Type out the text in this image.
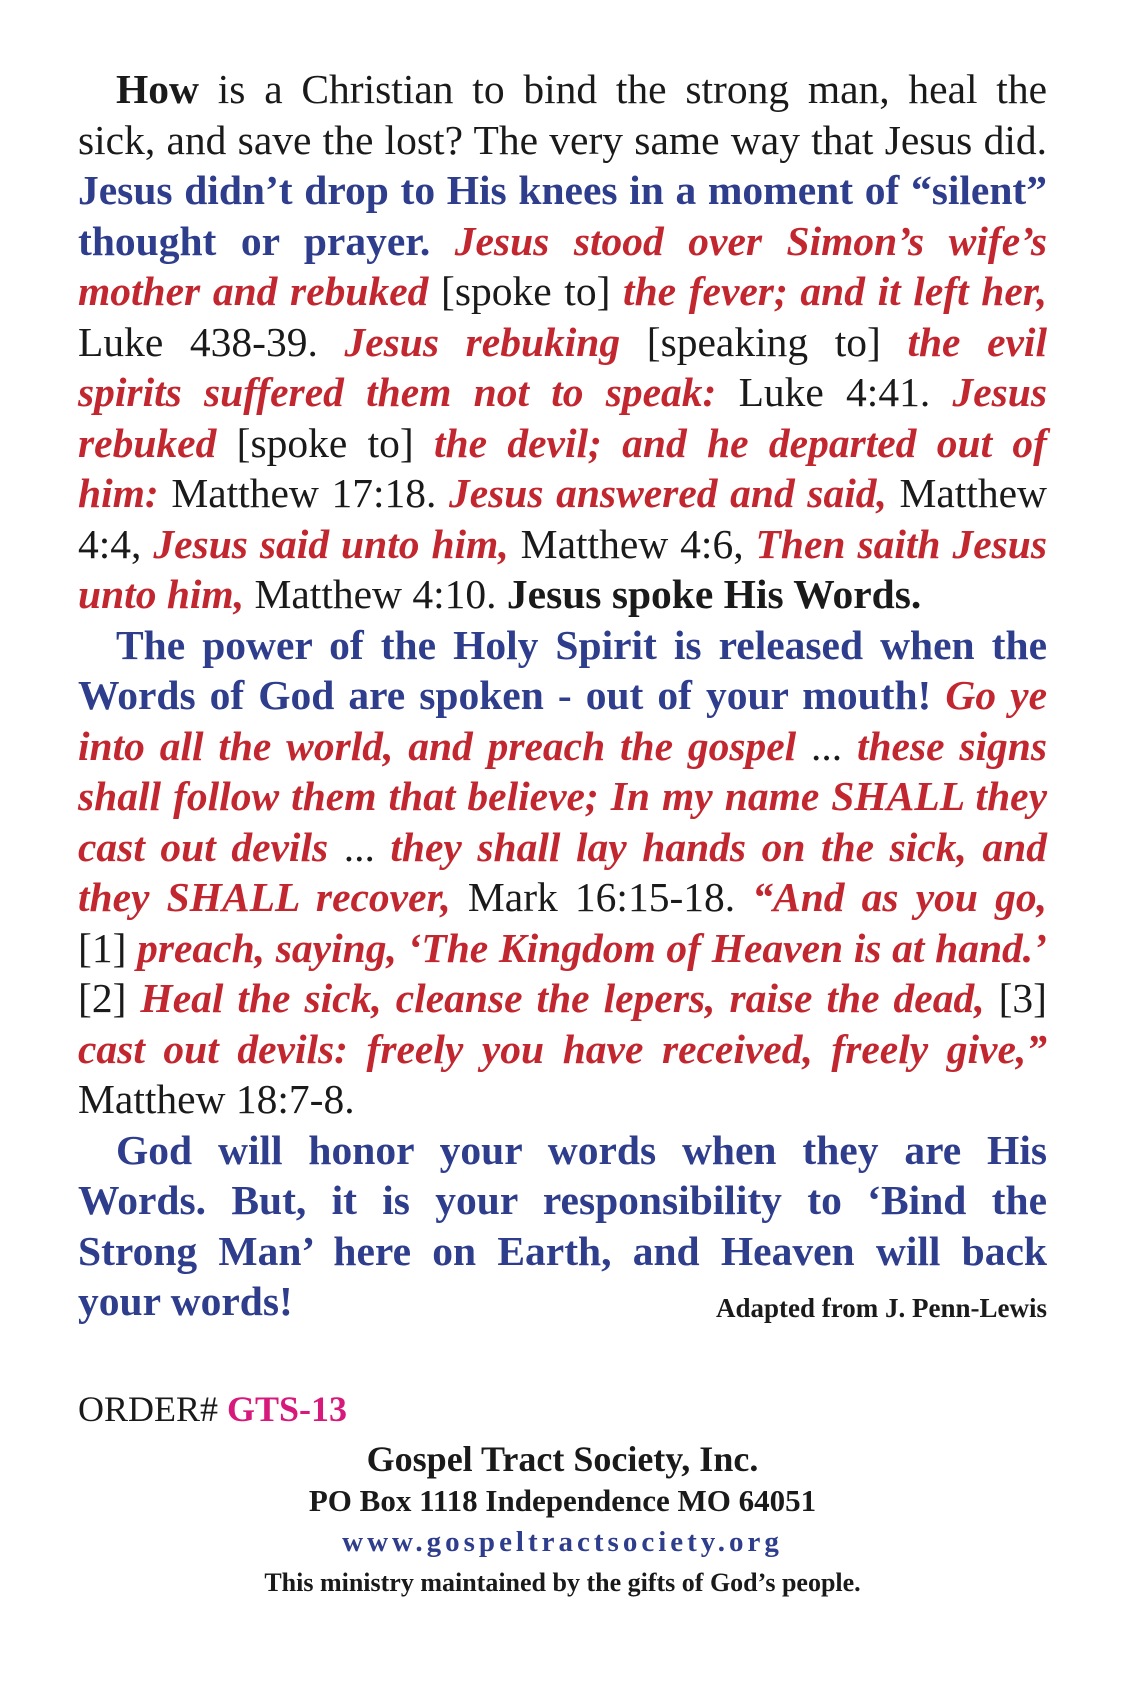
How is a Christian to bind the strong man, heal the sick, and save the lost? The very same way that Jesus did. Jesus didn’t drop to His knees in a moment of “silent” thought or prayer. Jesus stood over Simon’s wife’s mother and rebuked [spoke to] the fever; and it left her, Luke 438-39. Jesus rebuking [speaking to] the evil spirits suffered them not to speak: Luke 4:41. Jesus rebuked [spoke to] the devil; and he departed out of him: Matthew 17:18. Jesus answered and said, Matthew 4:4, Jesus said unto him, Matthew 4:6, Then saith Jesus unto him, Matthew 4:10. Jesus spoke His Words.

The power of the Holy Spirit is released when the Words of God are spoken - out of your mouth! Go ye into all the world, and preach the gospel ... these signs shall follow them that believe; In my name SHALL they cast out devils ... they shall lay hands on the sick, and they SHALL recover, Mark 16:15-18. “And as you go, [1] preach, saying, ‘The Kingdom of Heaven is at hand.’ [2] Heal the sick, cleanse the lepers, raise the dead, [3] cast out devils: freely you have received, freely give,” Matthew 18:7-8.

God will honor your words when they are His Words. But, it is your responsibility to ‘Bind the Strong Man’ here on Earth, and Heaven will back your words!	Adapted from J. Penn-Lewis

ORDER# GTS-13
Gospel Tract Society, Inc.
PO Box 1118 Independence MO 64051
www.gospeltractsociety.org
This ministry maintained by the gifts of God’s people.
